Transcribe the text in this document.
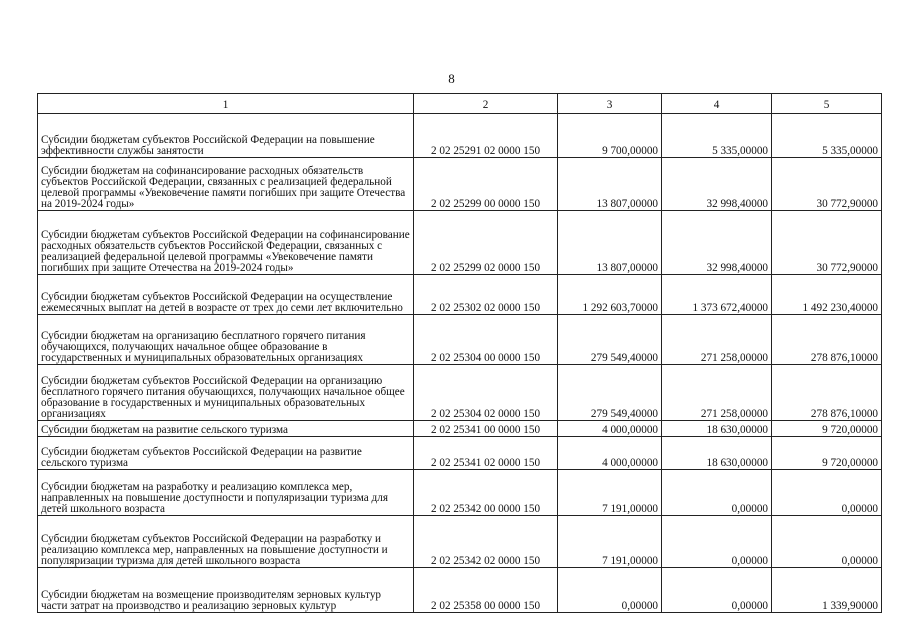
8
1	2	3	4	5
Субсидии бюджетам субъектов Российской Федерации на повышение эффективности службы занятости	2 02 25291 02 0000 150	9 700,00000	5 335,00000	5 335,00000
Субсидии бюджетам на софинансирование расходных обязательств субъектов Российской Федерации, связанных с реализацией федеральной целевой программы «Увековечение памяти погибших при защите Отечества на 2019-2024 годы»	2 02 25299 00 0000 150	13 807,00000	32 998,40000	30 772,90000
Субсидии бюджетам субъектов Российской Федерации на софинансирование расходных обязательств субъектов Российской Федерации, связанных с реализацией федеральной целевой программы «Увековечение памяти погибших при защите Отечества на 2019-2024 годы»	2 02 25299 02 0000 150	13 807,00000	32 998,40000	30 772,90000
Субсидии бюджетам субъектов Российской Федерации на осуществление ежемесячных выплат на детей в возрасте от трех до семи лет включительно	2 02 25302 02 0000 150	1 292 603,70000	1 373 672,40000	1 492 230,40000
Субсидии бюджетам на организацию бесплатного горячего питания обучающихся, получающих начальное общее образование в государственных и муниципальных образовательных организациях	2 02 25304 00 0000 150	279 549,40000	271 258,00000	278 876,10000
Субсидии бюджетам субъектов Российской Федерации на организацию бесплатного горячего питания обучающихся, получающих начальное общее образование в государственных и муниципальных образовательных организациях	2 02 25304 02 0000 150	279 549,40000	271 258,00000	278 876,10000
Субсидии бюджетам на развитие сельского туризма	2 02 25341 00 0000 150	4 000,00000	18 630,00000	9 720,00000
Субсидии бюджетам субъектов Российской Федерации на развитие сельского туризма	2 02 25341 02 0000 150	4 000,00000	18 630,00000	9 720,00000
Субсидии бюджетам на разработку и реализацию комплекса мер, направленных на повышение доступности и популяризации туризма для детей школьного возраста	2 02 25342 00 0000 150	7 191,00000	0,00000	0,00000
Субсидии бюджетам субъектов Российской Федерации на разработку и реализацию комплекса мер, направленных на повышение доступности и популяризации туризма для детей школьного возраста	2 02 25342 02 0000 150	7 191,00000	0,00000	0,00000
Субсидии бюджетам на возмещение производителям зерновых культур части затрат на производство и реализацию зерновых культур	2 02 25358 00 0000 150	0,00000	0,00000	1 339,90000
